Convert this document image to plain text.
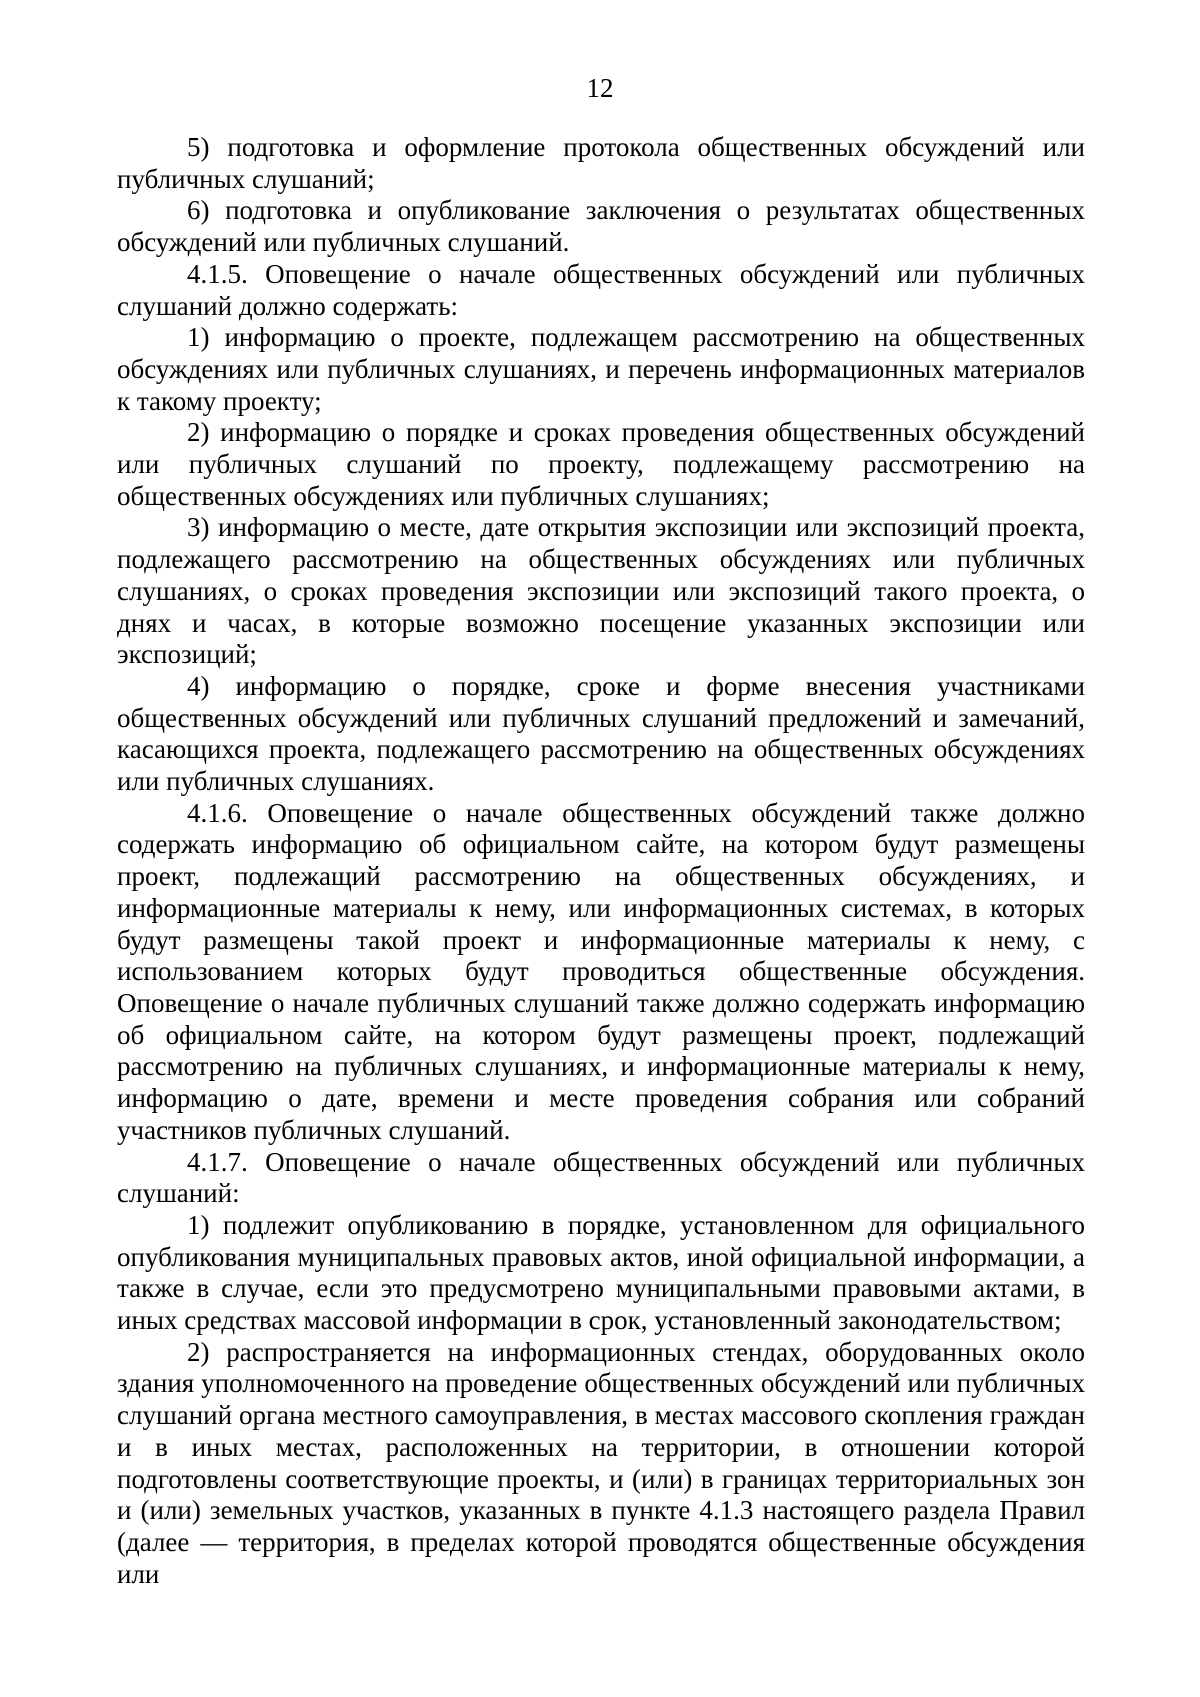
12

5) подготовка и оформление протокола общественных обсуждений или публичных слушаний;

6) подготовка и опубликование заключения о результатах общественных обсуждений или публичных слушаний.

4.1.5. Оповещение о начале общественных обсуждений или публичных слушаний должно содержать:

1) информацию о проекте, подлежащем рассмотрению на общественных обсуждениях или публичных слушаниях, и перечень информационных материалов к такому проекту;

2) информацию о порядке и сроках проведения общественных обсуждений или публичных слушаний по проекту, подлежащему рассмотрению на общественных обсуждениях или публичных слушаниях;

3) информацию о месте, дате открытия экспозиции или экспозиций проекта, подлежащего рассмотрению на общественных обсуждениях или публичных слушаниях, о сроках проведения экспозиции или экспозиций такого проекта, о днях и часах, в которые возможно посещение указанных экспозиции или экспозиций;

4) информацию о порядке, сроке и форме внесения участниками общественных обсуждений или публичных слушаний предложений и замечаний, касающихся проекта, подлежащего рассмотрению на общественных обсуждениях или публичных слушаниях.

4.1.6. Оповещение о начале общественных обсуждений также должно содержать информацию об официальном сайте, на котором будут размещены проект, подлежащий рассмотрению на общественных обсуждениях, и информационные материалы к нему, или информационных системах, в которых будут размещены такой проект и информационные материалы к нему, с использованием которых будут проводиться общественные обсуждения. Оповещение о начале публичных слушаний также должно содержать информацию об официальном сайте, на котором будут размещены проект, подлежащий рассмотрению на публичных слушаниях, и информационные материалы к нему, информацию о дате, времени и месте проведения собрания или собраний участников публичных слушаний.

4.1.7. Оповещение о начале общественных обсуждений или публичных слушаний:

1) подлежит опубликованию в порядке, установленном для официального опубликования муниципальных правовых актов, иной официальной информации, а также в случае, если это предусмотрено муниципальными правовыми актами, в иных средствах массовой информации в срок, установленный законодательством;

2) распространяется на информационных стендах, оборудованных около здания уполномоченного на проведение общественных обсуждений или публичных слушаний органа местного самоуправления, в местах массового скопления граждан и в иных местах, расположенных на территории, в отношении которой подготовлены соответствующие проекты, и (или) в границах территориальных зон и (или) земельных участков, указанных в пункте 4.1.3 настоящего раздела Правил (далее — территория, в пределах которой проводятся общественные обсуждения или
